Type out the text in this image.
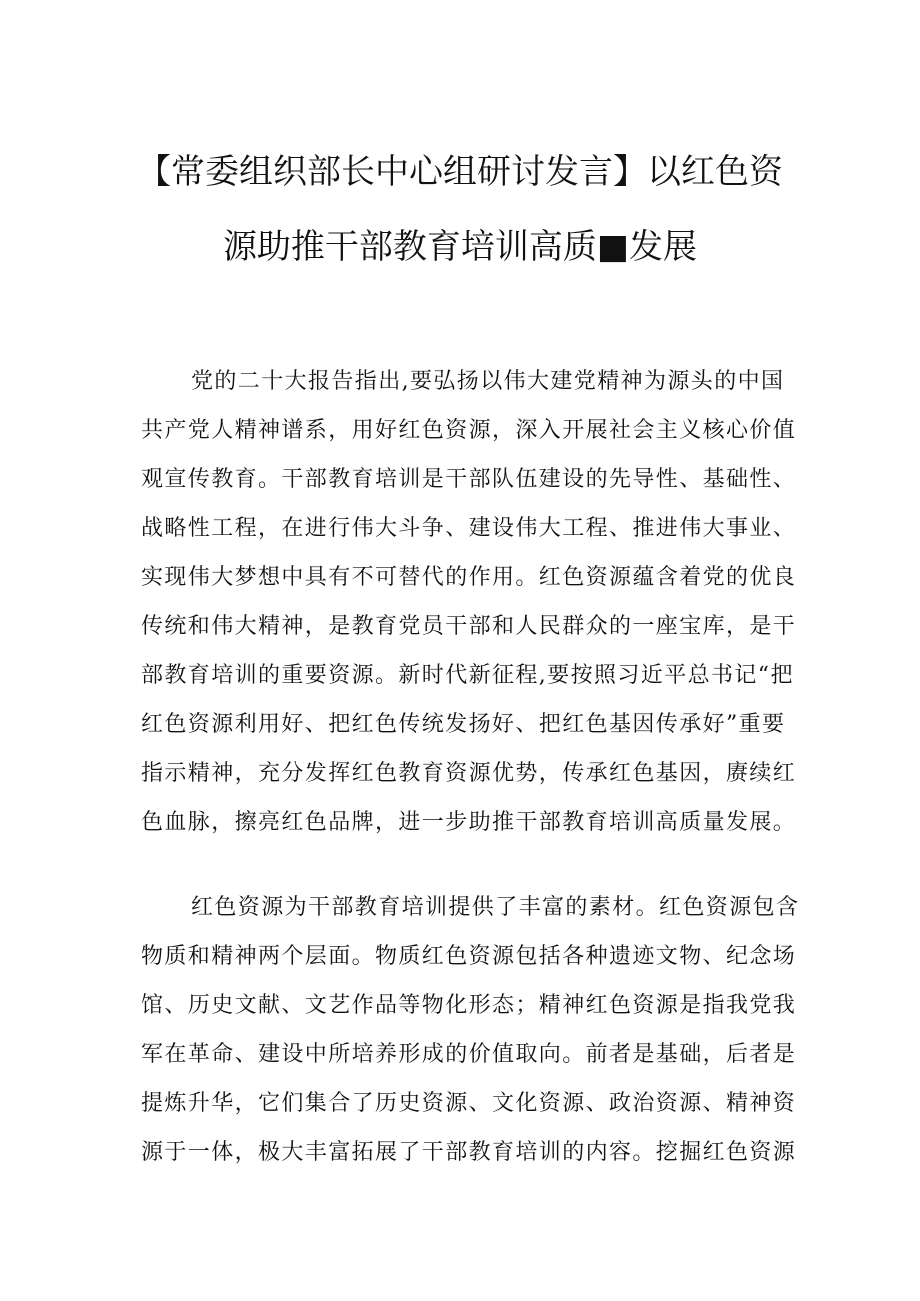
【常委组织部长中心组研讨发言】以红色资
源助推干部教育培训高质■发展
党的二十大报告指出,要弘扬以伟大建党精神为源头的中国
共产党人精神谱系，用好红色资源，深入开展社会主义核心价值
观宣传教育。干部教育培训是干部队伍建设的先导性、基础性、
战略性工程，在进行伟大斗争、建设伟大工程、推进伟大事业、
实现伟大梦想中具有不可替代的作用。红色资源蕴含着党的优良
传统和伟大精神，是教育党员干部和人民群众的一座宝库，是干
部教育培训的重要资源。新时代新征程,要按照习近平总书记“把
红色资源利用好、把红色传统发扬好、把红色基因传承好”重要
指示精神，充分发挥红色教育资源优势，传承红色基因，赓续红
色血脉，擦亮红色品牌，进一步助推干部教育培训高质量发展。
红色资源为干部教育培训提供了丰富的素材。红色资源包含
物质和精神两个层面。物质红色资源包括各种遗迹文物、纪念场
馆、历史文献、文艺作品等物化形态；精神红色资源是指我党我
军在革命、建设中所培养形成的价值取向。前者是基础，后者是
提炼升华，它们集合了历史资源、文化资源、政治资源、精神资
源于一体，极大丰富拓展了干部教育培训的内容。挖掘红色资源
